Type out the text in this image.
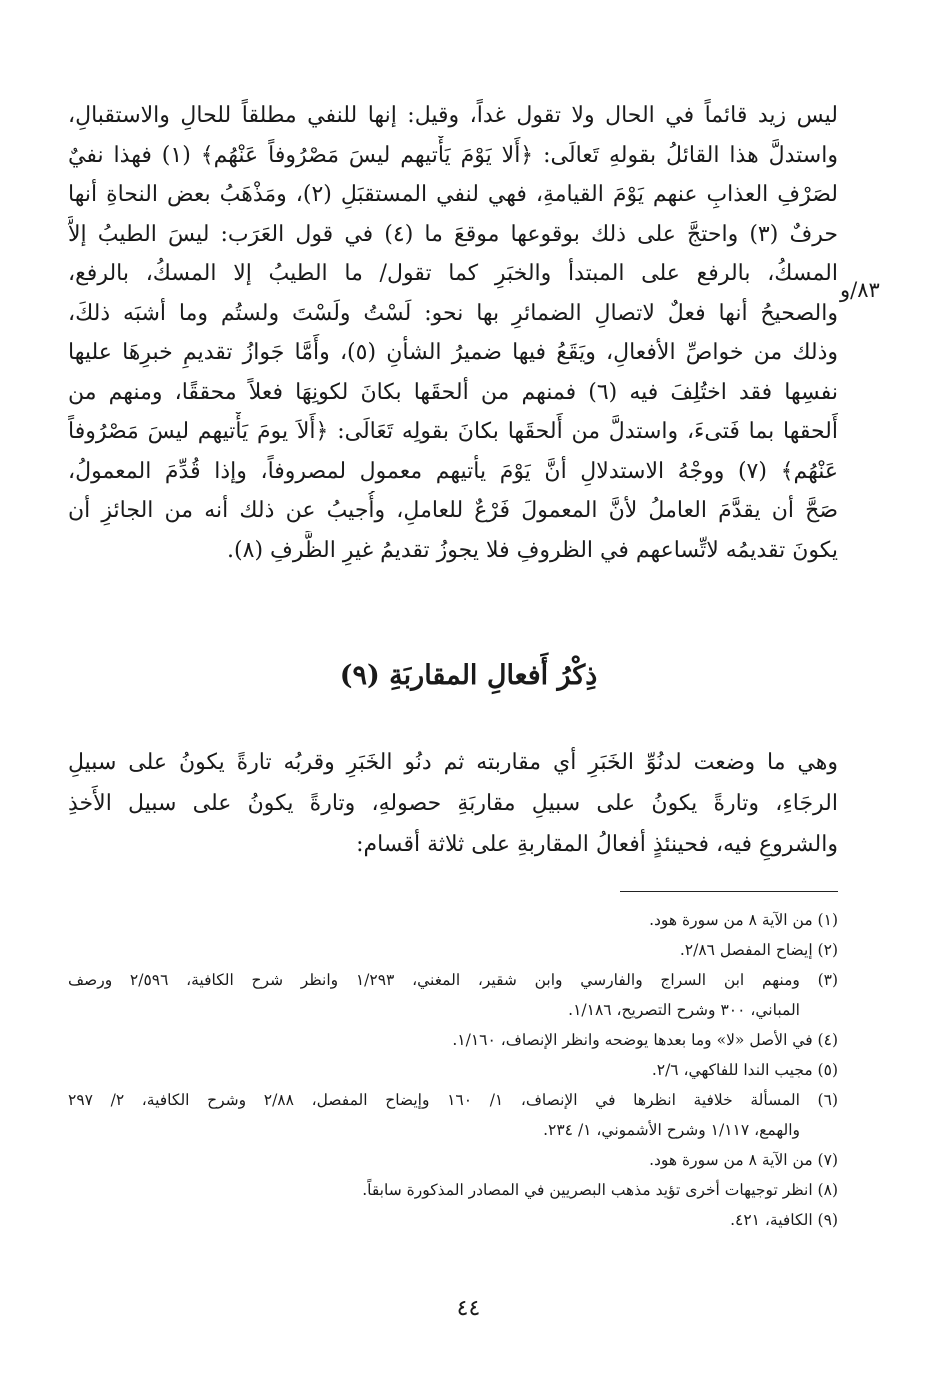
٨٣/و
ليس زيد قائماً في الحال ولا تقول غداً، وقيل: إنها للنفي مطلقاً للحالِ والاستقبالِ،
واستدلَّ هذا القائلُ بقولهِ تَعالَى: ﴿أَلا يَوْمَ يَأْتيهم ليسَ مَصْرُوفاً عَنْهُم﴾ (١) فهذا نفيٌ
لصَرْفِ العذابِ عنهم يَوْمَ القيامةِ، فهي لنفي المستقبَلِ (٢)، ومَذْهَبُ بعض النحاةِ أنها
حرفٌ (٣) واحتجَّ على ذلك بوقوعها موقعَ ما (٤) في قول العَرَب: ليسَ الطيبُ إلاَّ
المسكُ، بالرفع على المبتدأ والخبَرِ كما تقول/ ما الطيبُ إلا المسكُ، بالرفع،
والصحيحُ أنها فعلٌ لاتصالِ الضمائرِ بها نحو: لَسْتُ ولَسْتَ ولستُم وما أشبَه ذلكَ،
وذلك من خواصِّ الأفعالِ، ويَقَعُ فيها ضميرُ الشأنِ (٥)، وأَمَّا جَوازُ تقديمِ خبرِهَا عليها
نفسِها فقد اختُلِفَ فيه (٦) فمنهم من ألحقَها بكانَ لكونِهَا فعلاً محققًا، ومنهم من
أَلحقها بما فَتىءَ، واستدلَّ من أَلحقَها بكانَ بقولِه تَعَالَى: ﴿أَلاَ يومَ يَأْتيهم ليسَ مَصْرُوفاً
عَنْهُم﴾ (٧) ووجْهُ الاستدلالِ أنَّ يَوْمَ يأتيهم معمول لمصروفاً، وإذا قُدِّمَ المعمولُ،
صَحَّ أن يقدَّمَ العاملُ لأنَّ المعمولَ فَرْعٌ للعاملِ، وأُجيبُ عن ذلك أنه من الجائزِ أن
يكونَ تقديمُه لاتِّساعهم في الظروفِ فلا يجوزُ تقديمُ غيرِ الظَّرفِ (٨).
ذِكْرُ أَفعالِ المقاربَةِ (٩)
وهي ما وضعت لدنُوِّ الخَبَرِ أي مقاربته ثم دنُو الخَبَرِ وقربُه تارةً يكونُ على سبيلِ
الرجَاءِ، وتارةً يكونُ على سبيلِ مقاربَةِ حصولهِ، وتارةً يكونُ على سبيل الأَخذِ
والشروعِ فيه، فحينئذٍ أفعالُ المقاربةِ على ثلاثة أقسام:
(١) من الآية ٨ من سورة هود.
(٢) إيضاح المفصل ٢/٨٦.
(٣) ومنهم ابن السراج والفارسي وابن شقير، المغني، ١/٢٩٣ وانظر شرح الكافية، ٢/٥٩٦ ورصف
المباني، ٣٠٠ وشرح التصريح، ١/١٨٦.
(٤) في الأصل «لا» وما بعدها يوضحه وانظر الإنصاف، ١/١٦٠.
(٥) مجيب الندا للفاكهي، ٢/٦.
(٦) المسألة خلافية انظرها في الإنصاف، ١/ ١٦٠ وإيضاح المفصل، ٢/٨٨ وشرح الكافية، ٢/ ٢٩٧
والهمع، ١/١١٧ وشرح الأشموني، ١/ ٢٣٤.
(٧) من الآية ٨ من سورة هود.
(٨) انظر توجيهات أخرى تؤيد مذهب البصريين في المصادر المذكورة سابقاً.
(٩) الكافية، ٤٢١.
٤٤
